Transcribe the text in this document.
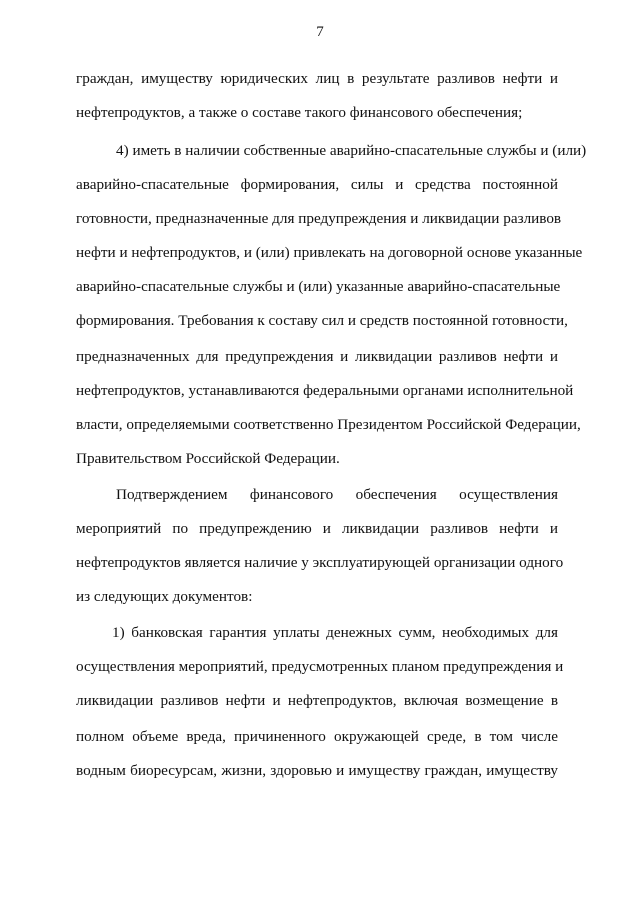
7
граждан, имуществу юридических лиц в результате разливов нефти и
нефтепродуктов, а также о составе такого финансового обеспечения;
4) иметь в наличии собственные аварийно-спасательные службы и (или)
аварийно-спасательные формирования, силы и средства постоянной
готовности, предназначенные для предупреждения и ликвидации разливов
нефти и нефтепродуктов, и (или) привлекать на договорной основе указанные
аварийно-спасательные службы и (или) указанные аварийно-спасательные
формирования. Требования к составу сил и средств постоянной готовности,
предназначенных для предупреждения и ликвидации разливов нефти и
нефтепродуктов, устанавливаются федеральными органами исполнительной
власти, определяемыми соответственно Президентом Российской Федерации,
Правительством Российской Федерации.
Подтверждением финансового обеспечения осуществления
мероприятий по предупреждению и ликвидации разливов нефти и
нефтепродуктов является наличие у эксплуатирующей организации одного
из следующих документов:
1) банковская гарантия уплаты денежных сумм, необходимых для
осуществления мероприятий, предусмотренных планом предупреждения и
ликвидации разливов нефти и нефтепродуктов, включая возмещение в
полном объеме вреда, причиненного окружающей среде, в том числе
водным биоресурсам, жизни, здоровью и имуществу граждан, имуществу
